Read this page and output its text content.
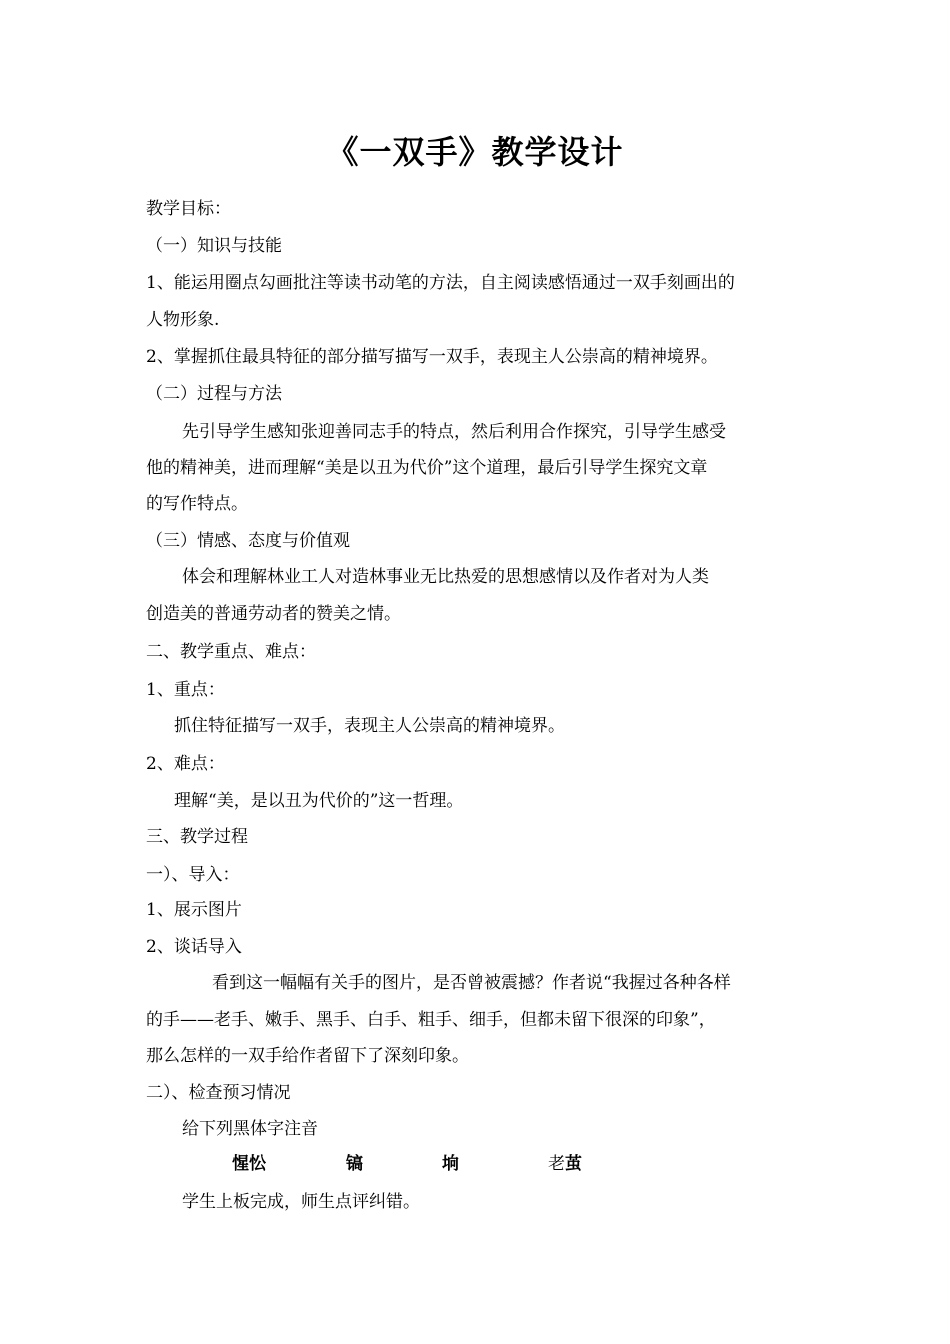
《一双手》教学设计
教学目标：
（一）知识与技能
1、能运用圈点勾画批注等读书动笔的方法，自主阅读感悟通过一双手刻画出的
人物形象.
2、掌握抓住最具特征的部分描写描写一双手，表现主人公崇高的精神境界。
（二）过程与方法
先引导学生感知张迎善同志手的特点，然后利用合作探究，引导学生感受
他的精神美，进而理解“美是以丑为代价”这个道理，最后引导学生探究文章
的写作特点。
（三）情感、态度与价值观
体会和理解林业工人对造林事业无比热爱的思想感情以及作者对为人类
创造美的普通劳动者的赞美之情。
二、教学重点、难点：
1、重点：
抓住特征描写一双手，表现主人公崇高的精神境界。
2、难点：
理解“美，是以丑为代价的”这一哲理。
三、教学过程
一）、导入：
1、展示图片
2、谈话导入
看到这一幅幅有关手的图片，是否曾被震撼？作者说“我握过各种各样
的手——老手、嫩手、黑手、白手、粗手、细手，但都未留下很深的印象”，
那么怎样的一双手给作者留下了深刻印象。
二）、检查预习情况
给下列黑体字注音
惺忪	镐	垧	老茧
学生上板完成，师生点评纠错。
